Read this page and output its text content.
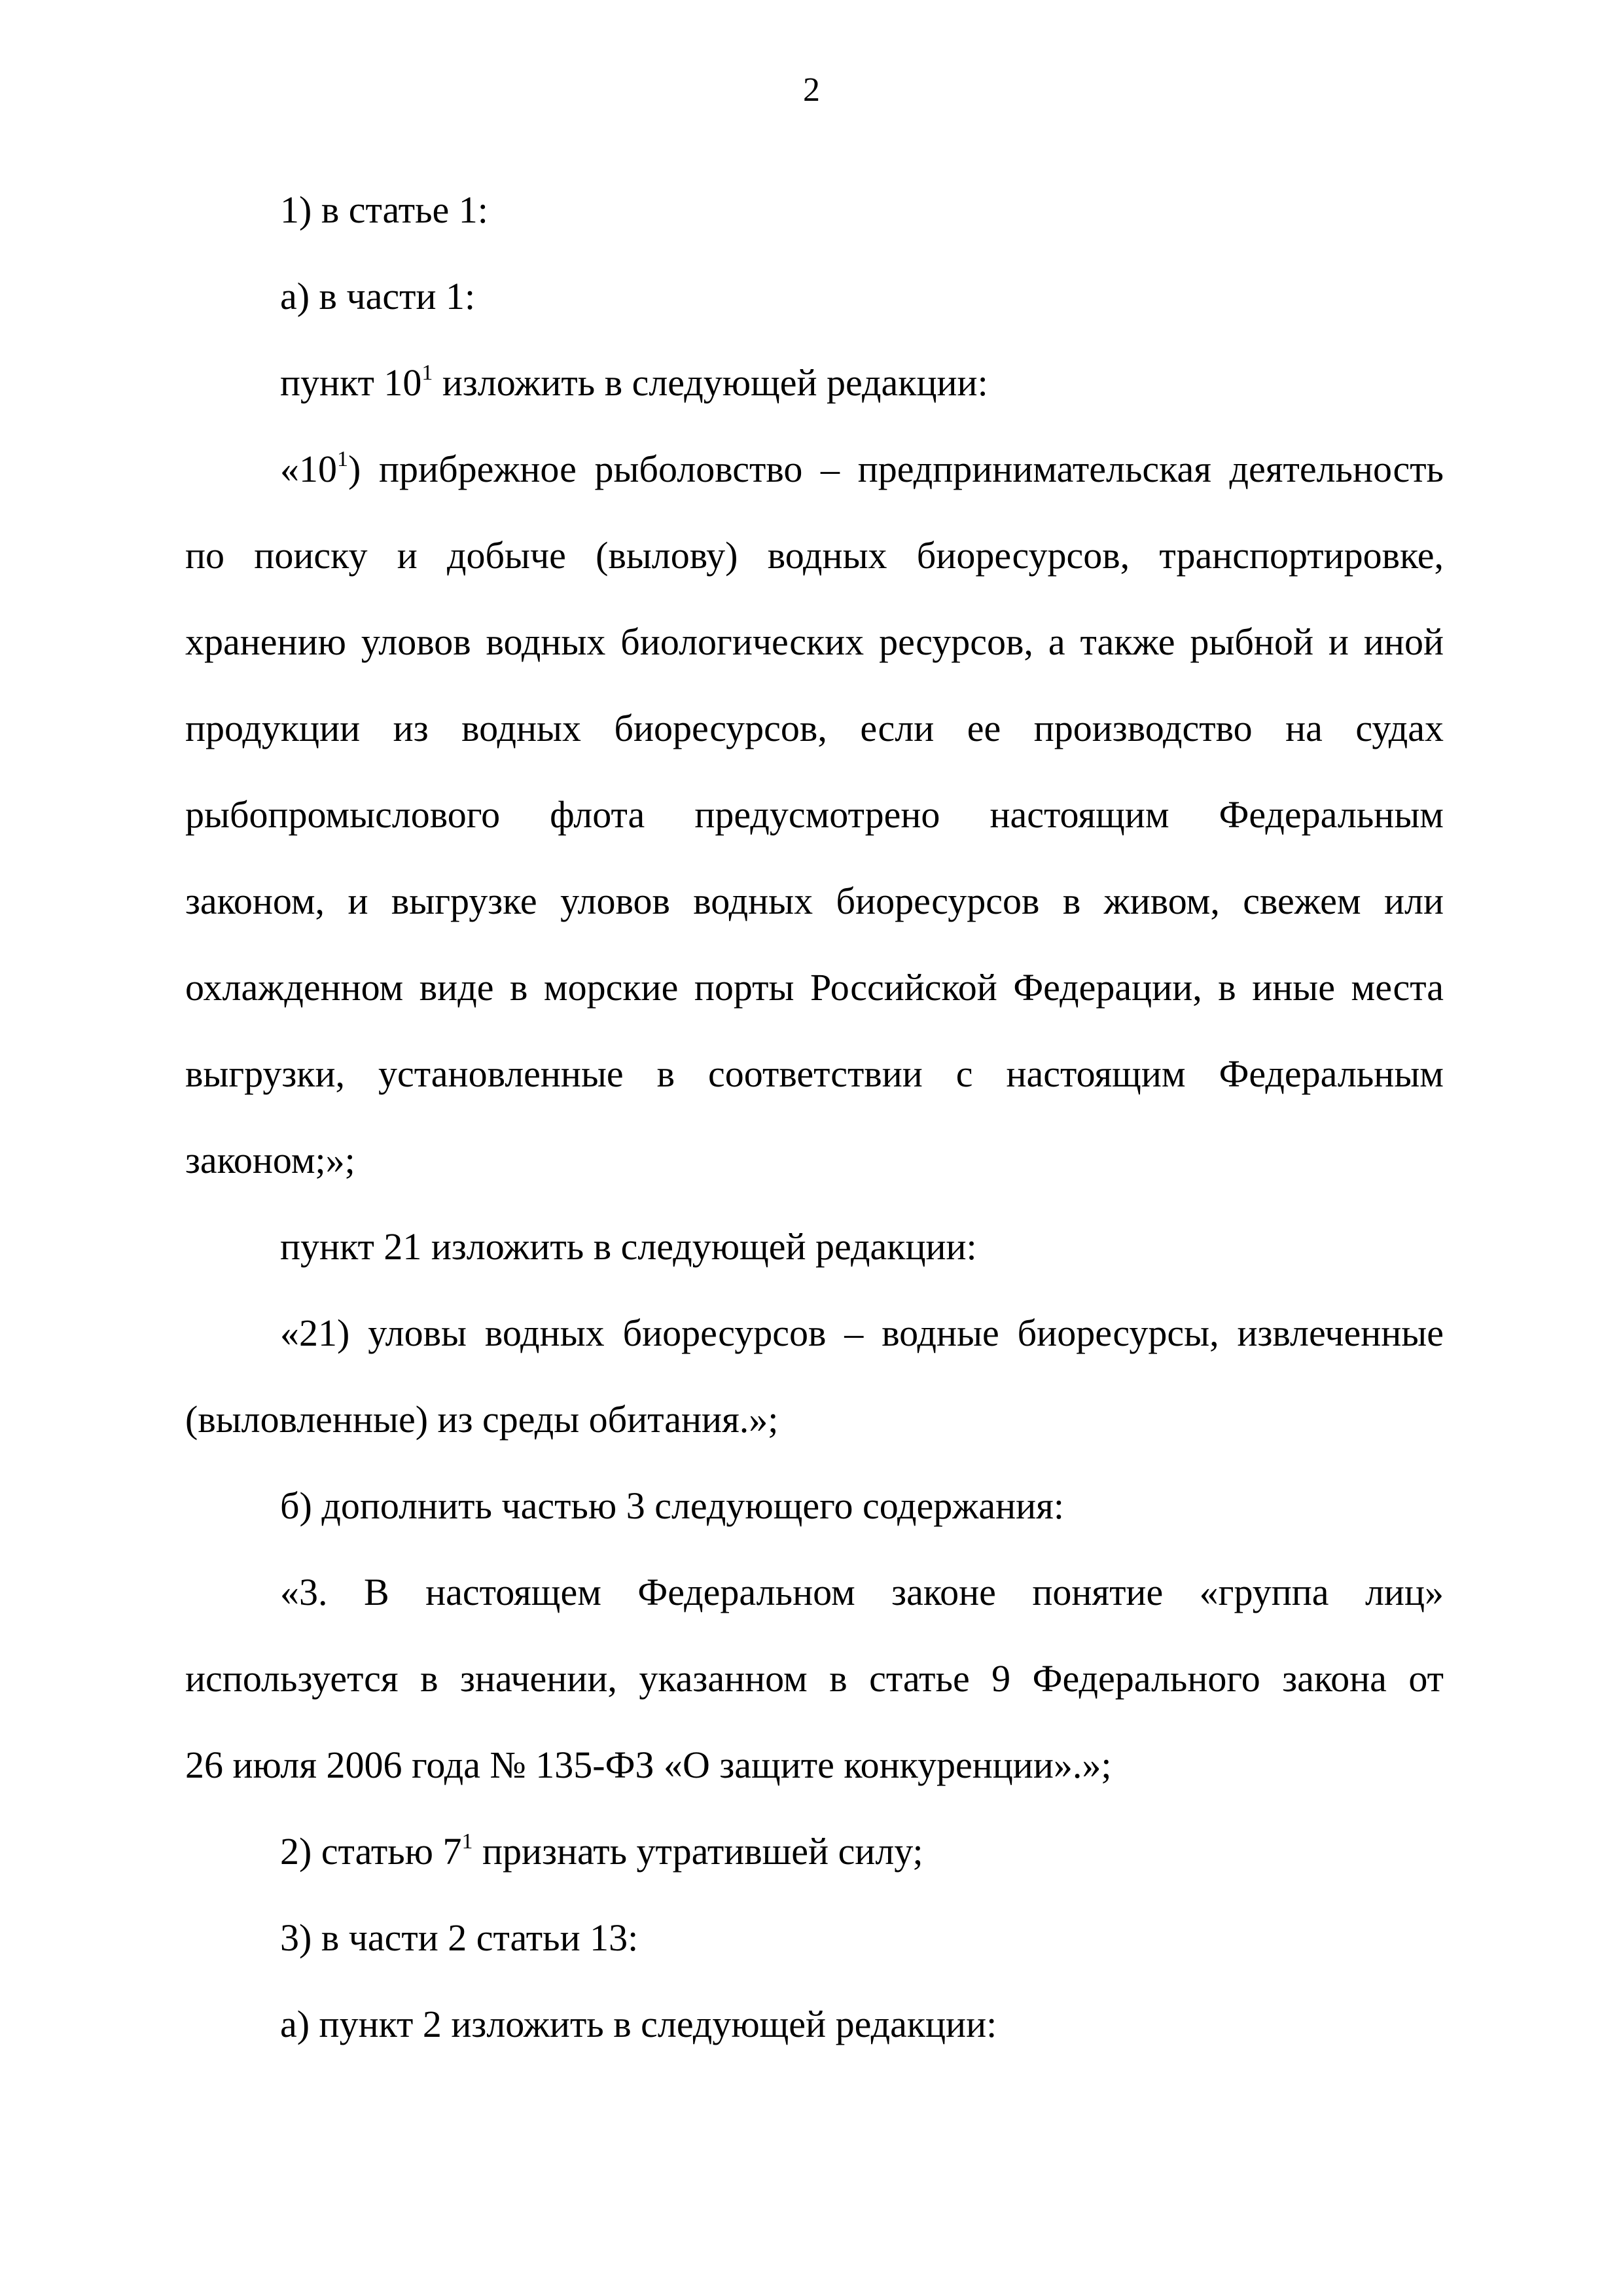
2
1) в статье 1:
а) в части 1:
пункт $10^1$ изложить в следующей редакции:
«$10^1$) прибрежное рыболовство – предпринимательская деятельность
по поиску и добыче (вылову) водных биоресурсов, транспортировке,
хранению уловов водных биологических ресурсов, а также рыбной и иной
продукции из водных биоресурсов, если ее производство на судах
рыбопромыслового флота предусмотрено настоящим Федеральным
законом, и выгрузке уловов водных биоресурсов в живом, свежем или
охлажденном виде в морские порты Российской Федерации, в иные места
выгрузки, установленные в соответствии с настоящим Федеральным
законом;»;
пункт 21 изложить в следующей редакции:
«21) уловы водных биоресурсов – водные биоресурсы, извлеченные
(выловленные) из среды обитания.»;
б) дополнить частью 3 следующего содержания:
«3. В настоящем Федеральном законе понятие «группа лиц»
используется в значении, указанном в статье 9 Федерального закона от
26 июля 2006 года № 135-ФЗ «О защите конкуренции».»;
2) статью $7^1$ признать утратившей силу;
3) в части 2 статьи 13:
а) пункт 2 изложить в следующей редакции:
